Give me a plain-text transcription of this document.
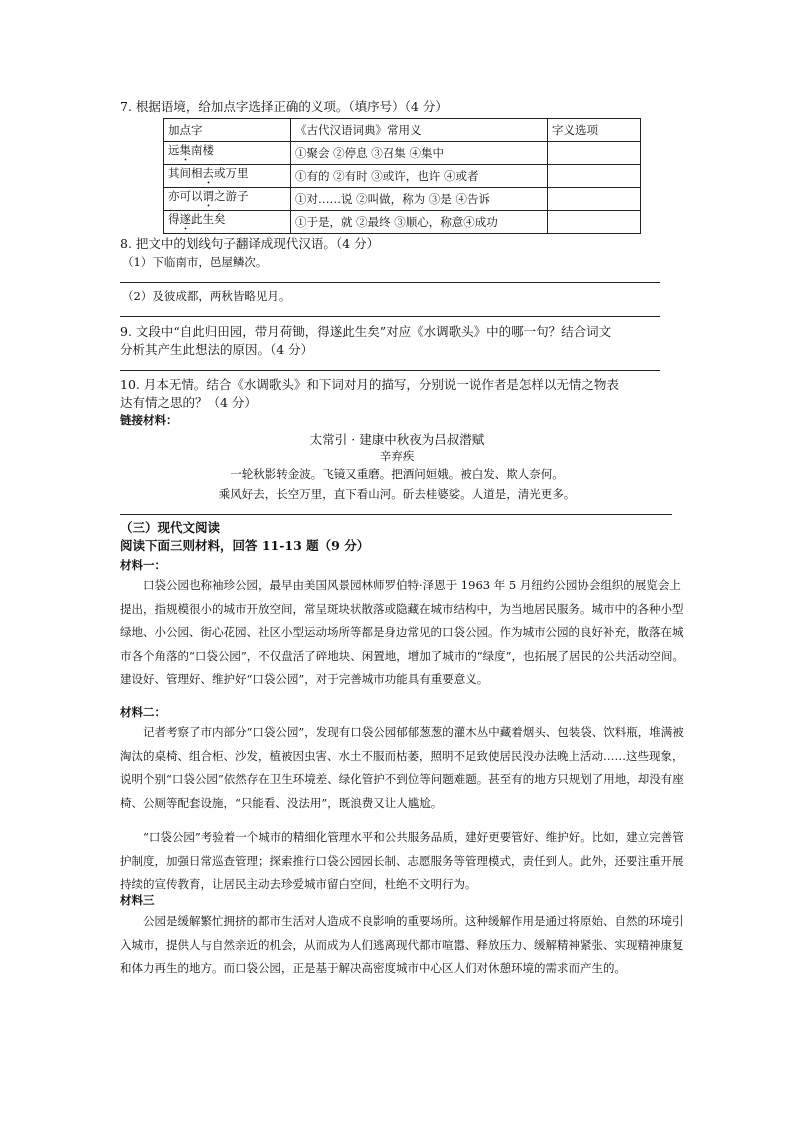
7. 根据语境，给加点字选择正确的义项。（填序号）（4 分）
加点字	《古代汉语词典》常用义	字义选项
远集南楼	①聚会 ②停息 ③召集 ④集中	
其间相去或万里	①有的 ②有时 ③或许，也许 ④或者	
亦可以谓之游子	①对……说 ②叫做，称为 ③是 ④告诉	
得遂此生矣	①于是，就 ②最终 ③顺心，称意④成功	
8. 把文中的划线句子翻译成现代汉语。（4 分）
（1）下临南市，邑屋鳞次。
（2）及彼成都，两秋皆略见月。
9. 文段中“自此归田园，带月荷锄，得遂此生矣”对应《水调歌头》中的哪一句？结合词文
分析其产生此想法的原因。（4 分）
10. 月本无情。结合《水调歌头》和下词对月的描写，分别说一说作者是怎样以无情之物表
达有情之思的？（4 分）
链接材料：
太常引 · 建康中秋夜为吕叔潜赋
辛弃疾
一轮秋影转金波。飞镜又重磨。把酒问姮娥。被白发、欺人奈何。
乘风好去，长空万里，直下看山河。斫去桂婆娑。人道是，清光更多。
（三）现代文阅读
阅读下面三则材料，回答 11-13 题（9 分）
材料一：
口袋公园也称袖珍公园，最早由美国风景园林师罗伯特·泽恩于 1963 年 5 月纽约公园协会组织的展览会上提出，指规模很小的城市开放空间，常呈斑块状散落或隐藏在城市结构中，为当地居民服务。城市中的各种小型绿地、小公园、街心花园、社区小型运动场所等都是身边常见的口袋公园。作为城市公园的良好补充，散落在城市各个角落的“口袋公园”，不仅盘活了碎地块、闲置地，增加了城市的“绿度”，也拓展了居民的公共活动空间。建设好、管理好、维护好“口袋公园”，对于完善城市功能具有重要意义。
材料二：
记者考察了市内部分“口袋公园”，发现有口袋公园郁郁葱葱的灌木丛中藏着烟头、包装袋、饮料瓶，堆满被淘汰的桌椅、组合柜、沙发，植被因虫害、水土不服而枯萎，照明不足致使居民没办法晚上活动……这些现象，说明个别“口袋公园”依然存在卫生环境差、绿化管护不到位等问题难题。甚至有的地方只规划了用地，却没有座椅、公厕等配套设施，“只能看、没法用”，既浪费又让人尴尬。
“口袋公园”考验着一个城市的精细化管理水平和公共服务品质，建好更要管好、维护好。比如，建立完善管护制度，加强日常巡查管理；探索推行口袋公园园长制、志愿服务等管理模式，责任到人。此外，还要注重开展持续的宣传教育，让居民主动去珍爱城市留白空间，杜绝不文明行为。
材料三
公园是缓解繁忙拥挤的都市生活对人造成不良影响的重要场所。这种缓解作用是通过将原始、自然的环境引入城市，提供人与自然亲近的机会，从而成为人们逃离现代都市喧嚣、释放压力、缓解精神紧张、实现精神康复和体力再生的地方。而口袋公园，正是基于解决高密度城市中心区人们对休憩环境的需求而产生的。
